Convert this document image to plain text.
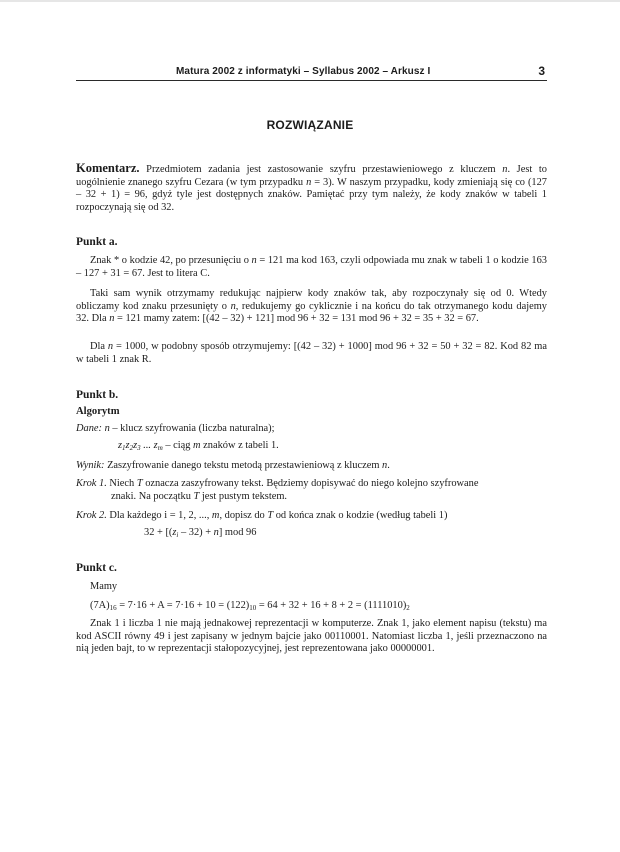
Matura 2002 z informatyki – Syllabus 2002 – Arkusz I	3
ROZWIĄZANIE

Komentarz. Przedmiotem zadania jest zastosowanie szyfru przestawieniowego z kluczem n. Jest to uogólnienie znanego szyfru Cezara (w tym przypadku n = 3). W naszym przypadku, kody zmieniają się co (127 – 32 + 1) = 96, gdyż tyle jest dostępnych znaków. Pamiętać przy tym należy, że kody znaków w tabeli 1 rozpoczynają się od 32.

Punkt a.

Znak * o kodzie 42, po przesunięciu o n = 121 ma kod 163, czyli odpowiada mu znak w tabeli 1 o kodzie 163 – 127 + 31 = 67. Jest to litera C.

Taki sam wynik otrzymamy redukując najpierw kody znaków tak, aby rozpoczynały się od 0. Wtedy obliczamy kod znaku przesunięty o n, redukujemy go cyklicznie i na końcu do tak otrzymanego kodu dajemy 32. Dla n = 121 mamy zatem: [(42 – 32) + 121] mod 96 + 32 = 131 mod 96 + 32 = 35 + 32 = 67.

Dla n = 1000, w podobny sposób otrzymujemy: [(42 – 32) + 1000] mod 96 + 32 = 50 + 32 = 82. Kod 82 ma w tabeli 1 znak R.

Punkt b.
Algorytm
Dane: n – klucz szyfrowania (liczba naturalna);
$z_1z_2z_3$ ... $z_m$ – ciąg m znaków z tabeli 1.
Wynik: Zaszyfrowanie danego tekstu metodą przestawieniową z kluczem n.
Krok 1. Niech T oznacza zaszyfrowany tekst. Będziemy dopisywać do niego kolejno szyfrowane
znaki. Na początku T jest pustym tekstem.
Krok 2. Dla każdego i = 1, 2, ..., m, dopisz do T od końca znak o kodzie (według tabeli 1)
$32 + [(z_i - 32) + n]$ mod 96
Punkt c.
Mamy
$(7A)_{16} = 7\cdot 16 + A = 7\cdot 16 + 10 = (122)_{10} = 64 + 32 + 16 + 8 + 2 = (1111010)_2$

Znak 1 i liczba 1 nie mają jednakowej reprezentacji w komputerze. Znak 1, jako element napisu (tekstu) ma kod ASCII równy 49 i jest zapisany w jednym bajcie jako 00110001. Natomiast liczba 1, jeśli przeznaczono na nią jeden bajt, to w reprezentacji stałopozycyjnej, jest reprezentowana jako 00000001.
